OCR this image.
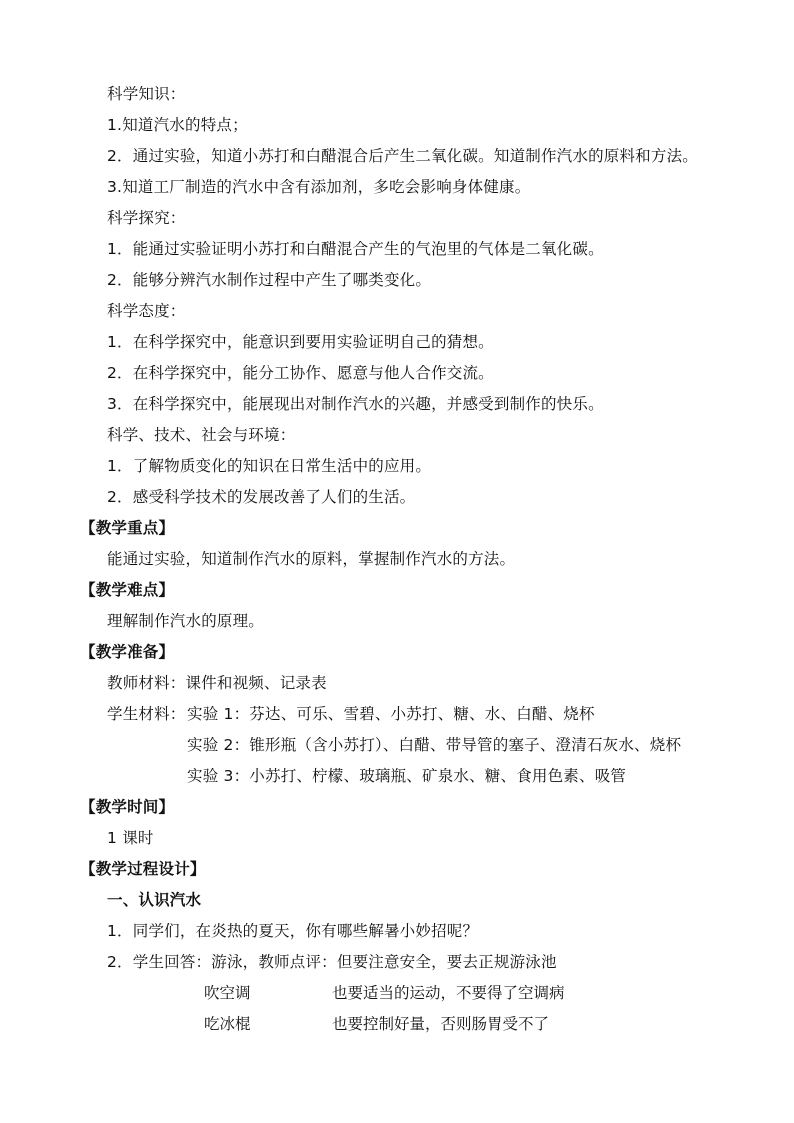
科学知识：
1.知道汽水的特点；
2．通过实验，知道小苏打和白醋混合后产生二氧化碳。知道制作汽水的原料和方法。
3.知道工厂制造的汽水中含有添加剂，多吃会影响身体健康。
科学探究：
1．能通过实验证明小苏打和白醋混合产生的气泡里的气体是二氧化碳。
2．能够分辨汽水制作过程中产生了哪类变化。
科学态度：
1．在科学探究中，能意识到要用实验证明自己的猜想。
2．在科学探究中，能分工协作、愿意与他人合作交流。
3．在科学探究中，能展现出对制作汽水的兴趣，并感受到制作的快乐。
科学、技术、社会与环境：
1．了解物质变化的知识在日常生活中的应用。
2．感受科学技术的发展改善了人们的生活。
【教学重点】
能通过实验，知道制作汽水的原料，掌握制作汽水的方法。
【教学难点】
理解制作汽水的原理。
【教学准备】
教师材料：课件和视频、记录表
学生材料： 实验 1：芬达、可乐、雪碧、小苏打、糖、水、白醋、烧杯
实验 2：锥形瓶（含小苏打）、白醋、带导管的塞子、澄清石灰水、烧杯
实验 3：小苏打、柠檬、玻璃瓶、矿泉水、糖、食用色素、吸管
【教学时间】
1 课时
【教学过程设计】
一、认识汽水
1．同学们，在炎热的夏天，你有哪些解暑小妙招呢？
2．学生回答：游泳，教师点评：但要注意安全，要去正规游泳池
吹空调	也要适当的运动，不要得了空调病
吃冰棍	也要控制好量，否则肠胃受不了
